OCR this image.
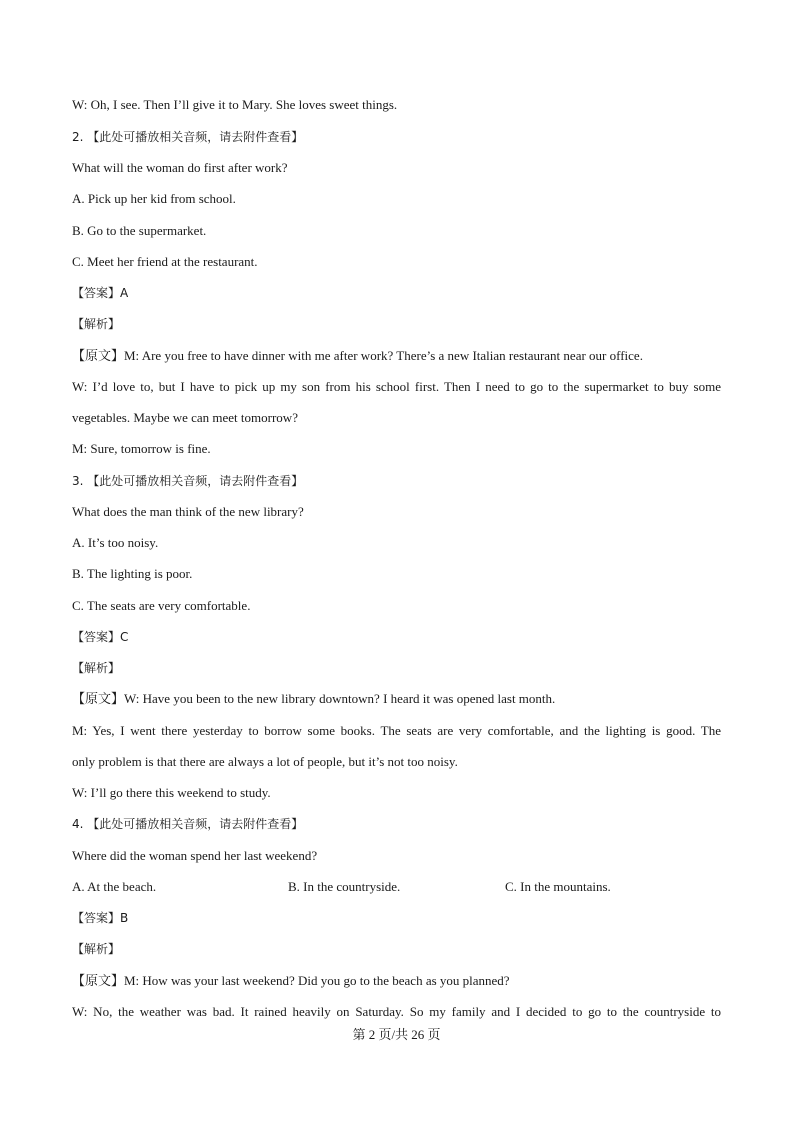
W: Oh, I see. Then I’ll give it to Mary. She loves sweet things.
2. 【此处可播放相关音频，请去附件查看】
What will the woman do first after work?
A. Pick up her kid from school.
B. Go to the supermarket.
C. Meet her friend at the restaurant.
【答案】A
【解析】
【原文】M: Are you free to have dinner with me after work? There’s a new Italian restaurant near our office.
W: I’d love to, but I have to pick up my son from his school first. Then I need to go to the supermarket to buy some
vegetables. Maybe we can meet tomorrow?
M: Sure, tomorrow is fine.
3. 【此处可播放相关音频，请去附件查看】
What does the man think of the new library?
A. It’s too noisy.
B. The lighting is poor.
C. The seats are very comfortable.
【答案】C
【解析】
【原文】W: Have you been to the new library downtown? I heard it was opened last month.
M: Yes, I went there yesterday to borrow some books. The seats are very comfortable, and the lighting is good. The
only problem is that there are always a lot of people, but it’s not too noisy.
W: I’ll go there this weekend to study.
4. 【此处可播放相关音频，请去附件查看】
Where did the woman spend her last weekend?
A. At the beach.	B. In the countryside.	C. In the mountains.
【答案】B
【解析】
【原文】M: How was your last weekend? Did you go to the beach as you planned?
W: No, the weather was bad. It rained heavily on Saturday. So my family and I decided to go to the countryside to
第 2 页/共 26 页
